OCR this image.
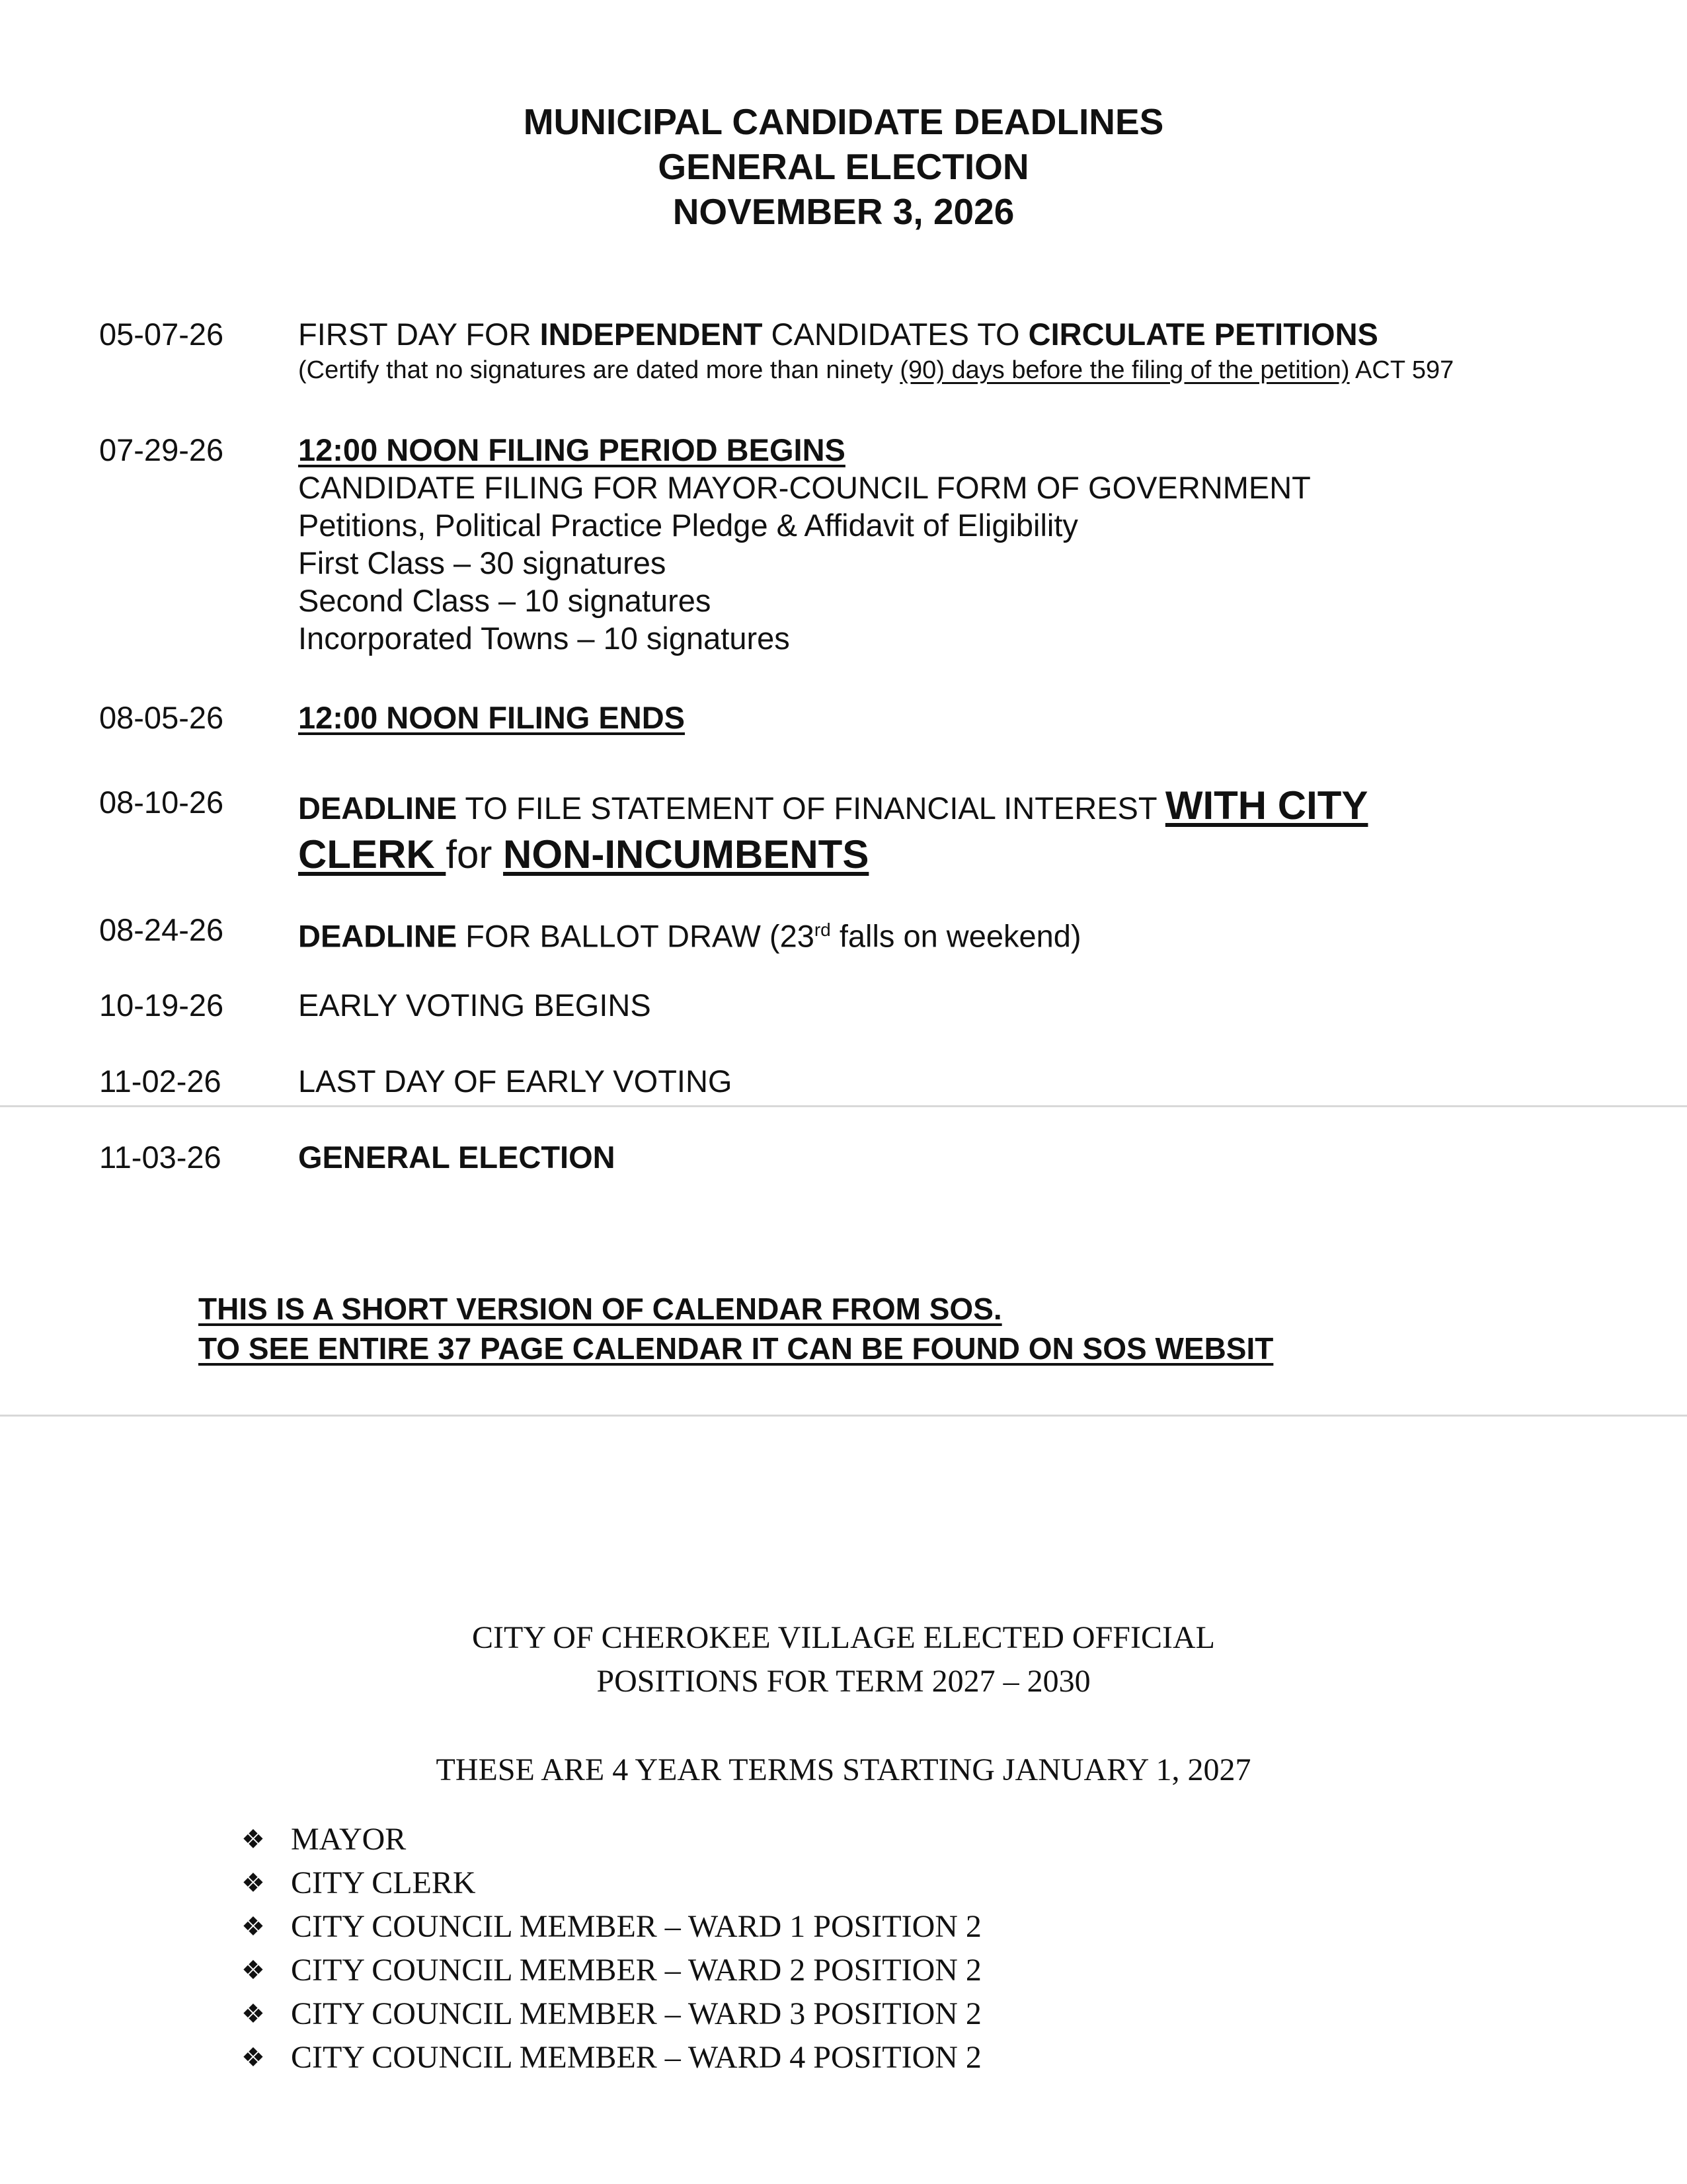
MUNICIPAL CANDIDATE DEADLINES
GENERAL ELECTION
NOVEMBER 3, 2026
05-07-26	FIRST DAY FOR INDEPENDENT CANDIDATES TO CIRCULATE PETITIONS
(Certify that no signatures are dated more than ninety (90) days before the filing of the petition) ACT 597
07-29-26	12:00 NOON FILING PERIOD BEGINS
CANDIDATE FILING FOR MAYOR-COUNCIL FORM OF GOVERNMENT
Petitions, Political Practice Pledge & Affidavit of Eligibility
First Class – 30 signatures
Second Class – 10 signatures
Incorporated Towns – 10 signatures
08-05-26	12:00 NOON FILING ENDS
08-10-26	DEADLINE TO FILE STATEMENT OF FINANCIAL INTEREST WITH CITY
CLERK for NON-INCUMBENTS
08-24-26	DEADLINE FOR BALLOT DRAW (23rd falls on weekend)
10-19-26	EARLY VOTING BEGINS
11-02-26	LAST DAY OF EARLY VOTING
11-03-26	GENERAL ELECTION
THIS IS A SHORT VERSION OF CALENDAR FROM SOS.
TO SEE ENTIRE 37 PAGE CALENDAR IT CAN BE FOUND ON SOS WEBSIT
CITY OF CHEROKEE VILLAGE ELECTED OFFICIAL
POSITIONS FOR TERM 2027 – 2030
THESE ARE 4 YEAR TERMS STARTING JANUARY 1, 2027
❖ MAYOR
❖ CITY CLERK
❖ CITY COUNCIL MEMBER – WARD 1 POSITION 2
❖ CITY COUNCIL MEMBER – WARD 2 POSITION 2
❖ CITY COUNCIL MEMBER – WARD 3 POSITION 2
❖ CITY COUNCIL MEMBER – WARD 4 POSITION 2
